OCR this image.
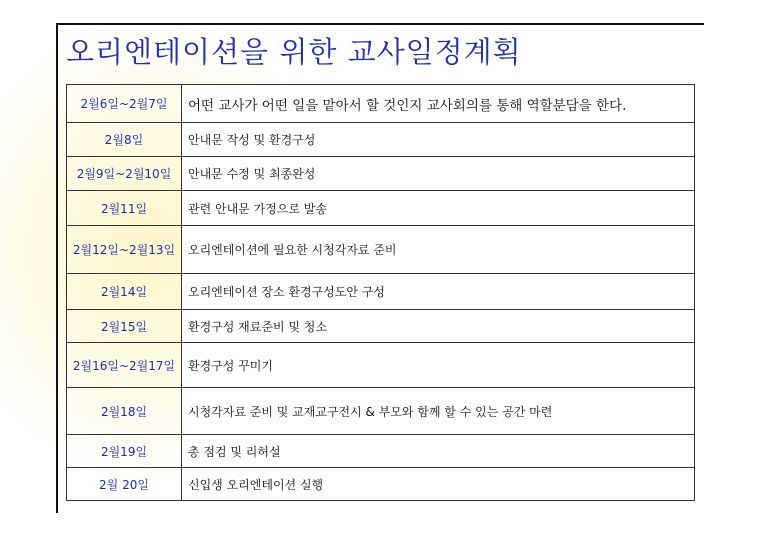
오리엔테이션을 위한 교사일정계획
2월6일~2월7일	어떤 교사가 어떤 일을 맡아서 할 것인지 교사회의를 통해 역할분담을 한다.
2월8일	안내문 작성 및 환경구성
2월9일~2월10일	안내문 수정 및 최종완성
2월11일	관련 안내문 가정으로 발송
2월12일~2월13일	오리엔테이션에 필요한 시청각자료 준비
2월14일	오리엔테이션 장소 환경구성도안 구성
2월15일	환경구성 재료준비 및 청소
2월16일~2월17일	환경구성 꾸미기
2월18일	시청각자료 준비 및 교재교구전시 & 부모와 함께 할 수 있는 공간 마련
2월19일	총 점검 및 리허설
2월 20일	신입생 오리엔테이션 실행
